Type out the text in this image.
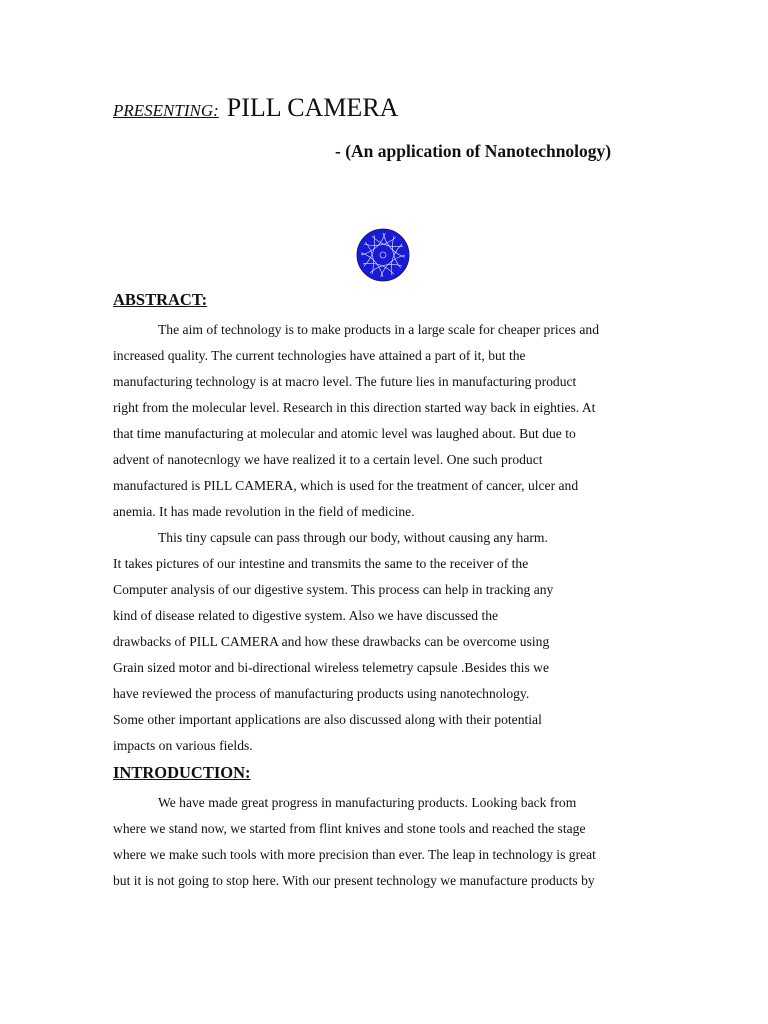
PRESENTING: PILL CAMERA
- (An application of Nanotechnology)
ABSTRACT:
The aim of technology is to make products in a large scale for cheaper prices and
increased quality. The current technologies have attained a part of it, but the
manufacturing technology is at macro level. The future lies in manufacturing product
right from the molecular level. Research in this direction started way back in eighties. At
that time manufacturing at molecular and atomic level was laughed about. But due to
advent of nanotecnlogy we have realized it to a certain level. One such product
manufactured is PILL CAMERA, which is used for the treatment of cancer, ulcer and
anemia. It has made revolution in the field of medicine.
This tiny capsule can pass through our body, without causing any harm.
It takes pictures of our intestine and transmits the same to the receiver of the
Computer analysis of our digestive system. This process can help in tracking any
kind of disease related to digestive system. Also we have discussed the
drawbacks of PILL CAMERA and how these drawbacks can be overcome using
Grain sized motor and bi-directional wireless telemetry capsule .Besides this we
have reviewed the process of manufacturing products using nanotechnology.
Some other important applications are also discussed along with their potential
impacts on various fields.
INTRODUCTION:
We have made great progress in manufacturing products. Looking back from
where we stand now, we started from flint knives and stone tools and reached the stage
where we make such tools with more precision than ever. The leap in technology is great
but it is not going to stop here. With our present technology we manufacture products by
